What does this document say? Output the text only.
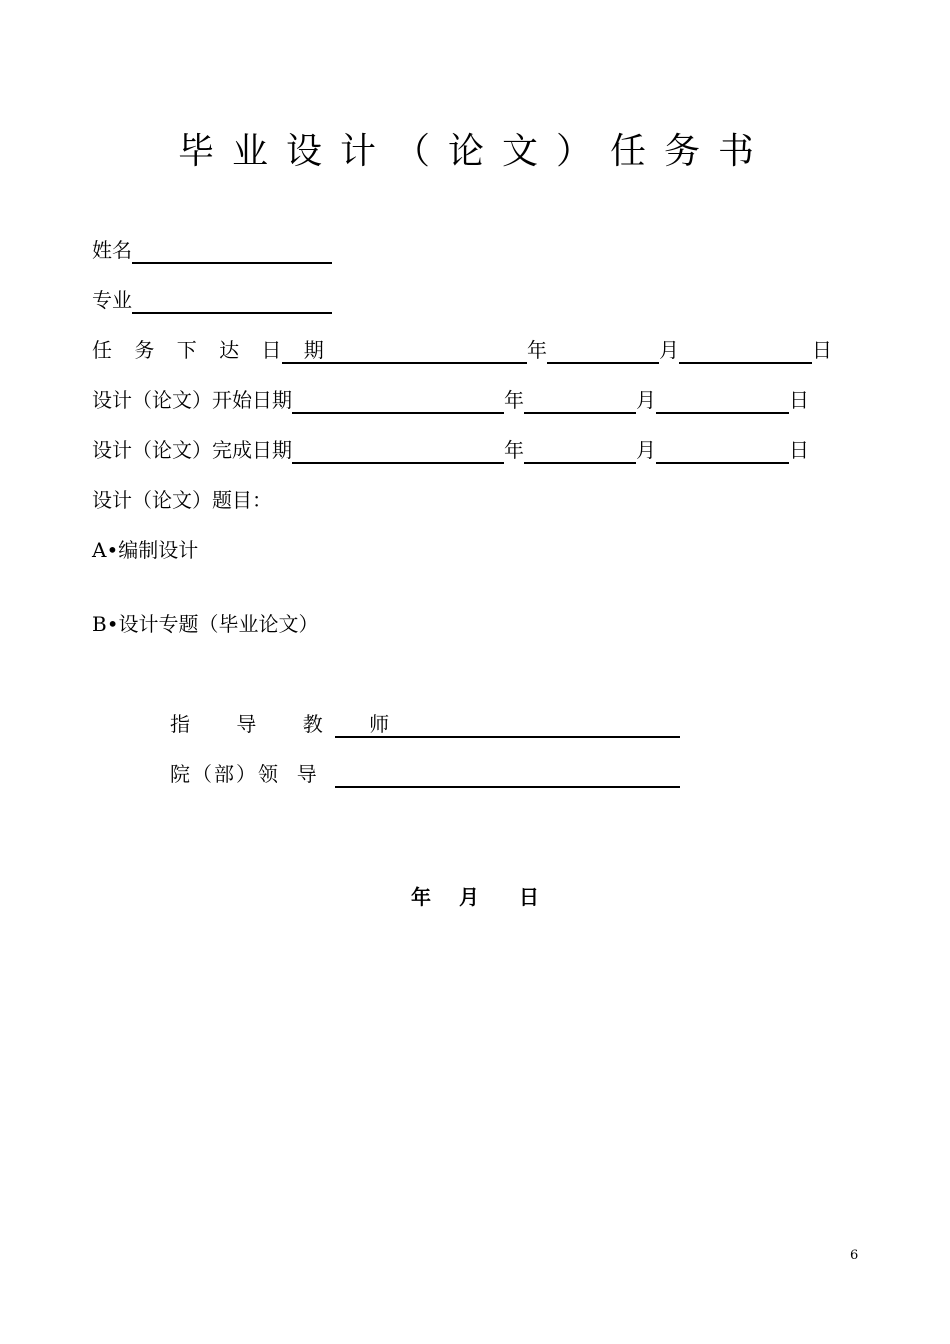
毕业设计（论文）任务书
姓名
专业
任 务 下 达 日 期	年	月	日
设计（论文）开始日期	年	月	日
设计（论文）完成日期	年	月	日
设计（论文）题目：
A•编制设计
B•设计专题（毕业论文）
指 导 教 师
院（部）领  导
年 月 日
6
